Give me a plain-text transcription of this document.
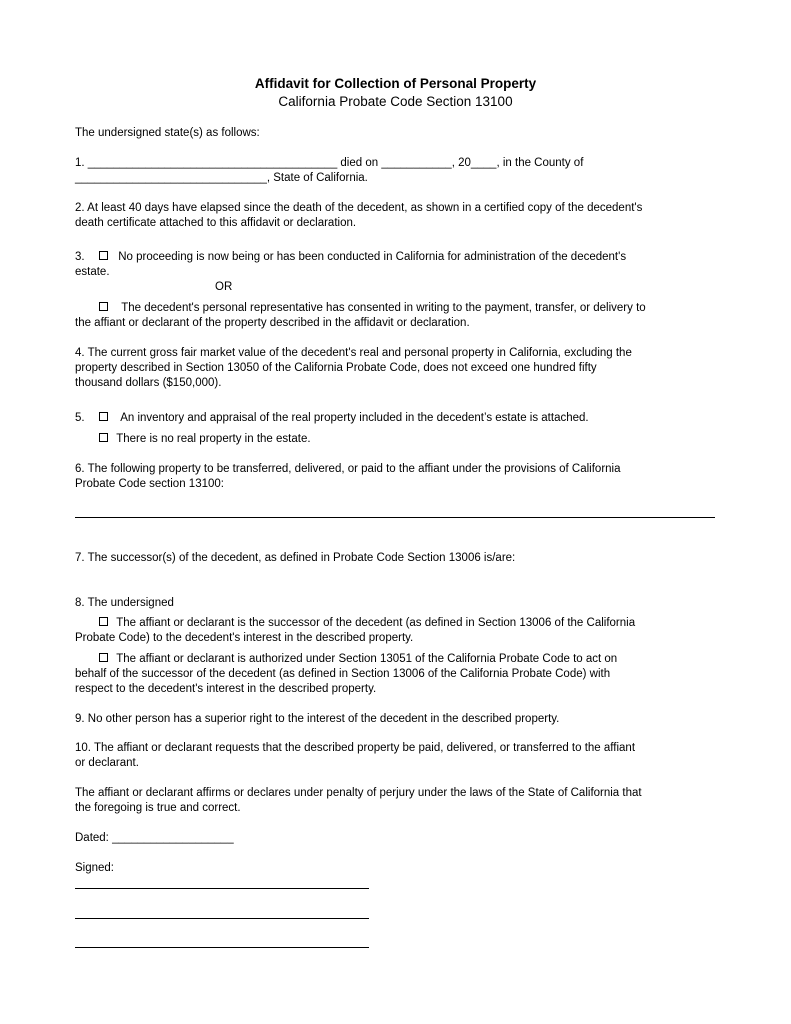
Affidavit for Collection of Personal Property
California Probate Code Section 13100
The undersigned state(s) as follows:
1. _______________________________________ died on ___________, 20____, in the County of
______________________________, State of California.
2. At least 40 days have elapsed since the death of the decedent, as shown in a certified copy of the decedent's
death certificate attached to this affidavit or declaration.
3.	No proceeding is now being or has been conducted in California for administration of the decedent's
estate.
OR
The decedent's personal representative has consented in writing to the payment, transfer, or delivery to
the affiant or declarant of the property described in the affidavit or declaration.
4. The current gross fair market value of the decedent's real and personal property in California, excluding the
property described in Section 13050 of the California Probate Code, does not exceed one hundred fifty
thousand dollars ($150,000).
5.	An inventory and appraisal of the real property included in the decedent’s estate is attached.
There is no real property in the estate.
6. The following property to be transferred, delivered, or paid to the affiant under the provisions of California
Probate Code section 13100:
7. The successor(s) of the decedent, as defined in Probate Code Section 13006 is/are:
8. The undersigned
The affiant or declarant is the successor of the decedent (as defined in Section 13006 of the California
Probate Code) to the decedent's interest in the described property.
The affiant or declarant is authorized under Section 13051 of the California Probate Code to act on
behalf of the successor of the decedent (as defined in Section 13006 of the California Probate Code) with
respect to the decedent's interest in the described property.
9. No other person has a superior right to the interest of the decedent in the described property.
10. The affiant or declarant requests that the described property be paid, delivered, or transferred to the affiant
or declarant.
The affiant or declarant affirms or declares under penalty of perjury under the laws of the State of California that
the foregoing is true and correct.
Dated: ___________________
Signed:
